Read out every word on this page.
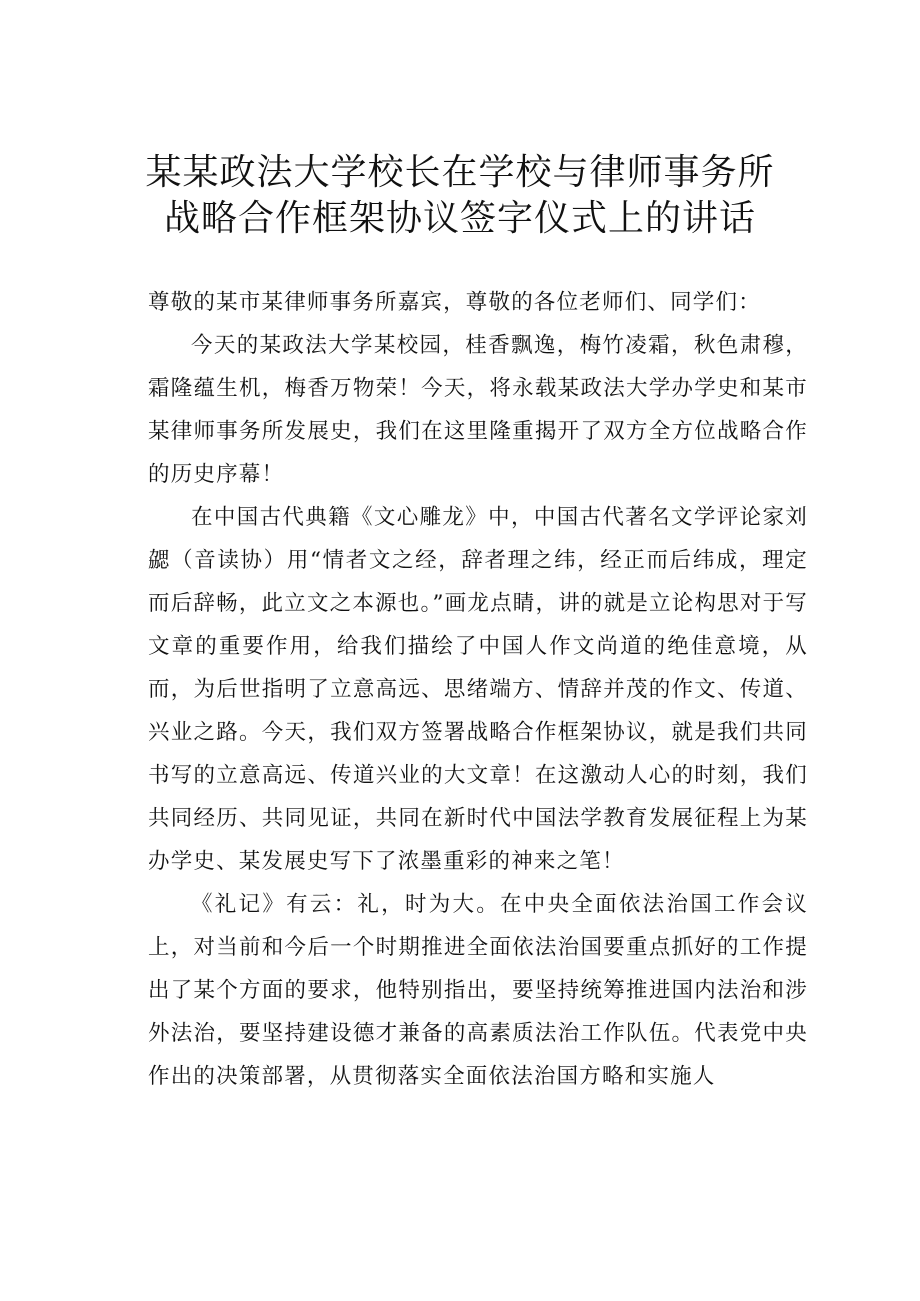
某某政法大学校长在学校与律师事务所
战略合作框架协议签字仪式上的讲话

尊敬的某市某律师事务所嘉宾，尊敬的各位老师们、同学们：

今天的某政法大学某校园，桂香飘逸，梅竹凌霜，秋色肃穆，霜隆蕴生机，梅香万物荣！今天，将永载某政法大学办学史和某市某律师事务所发展史，我们在这里隆重揭开了双方全方位战略合作的历史序幕！

在中国古代典籍《文心雕龙》中，中国古代著名文学评论家刘勰（音读协）用“情者文之经，辞者理之纬，经正而后纬成，理定而后辞畅，此立文之本源也。”画龙点睛，讲的就是立论构思对于写文章的重要作用，给我们描绘了中国人作文尚道的绝佳意境，从而，为后世指明了立意高远、思绪端方、情辞并茂的作文、传道、兴业之路。今天，我们双方签署战略合作框架协议，就是我们共同书写的立意高远、传道兴业的大文章！在这激动人心的时刻，我们共同经历、共同见证，共同在新时代中国法学教育发展征程上为某办学史、某发展史写下了浓墨重彩的神来之笔！

《礼记》有云：礼，时为大。在中央全面依法治国工作会议上，对当前和今后一个时期推进全面依法治国要重点抓好的工作提出了某个方面的要求，他特别指出，要坚持统筹推进国内法治和涉外法治，要坚持建设德才兼备的高素质法治工作队伍。代表党中央作出的决策部署，从贯彻落实全面依法治国方略和实施人
